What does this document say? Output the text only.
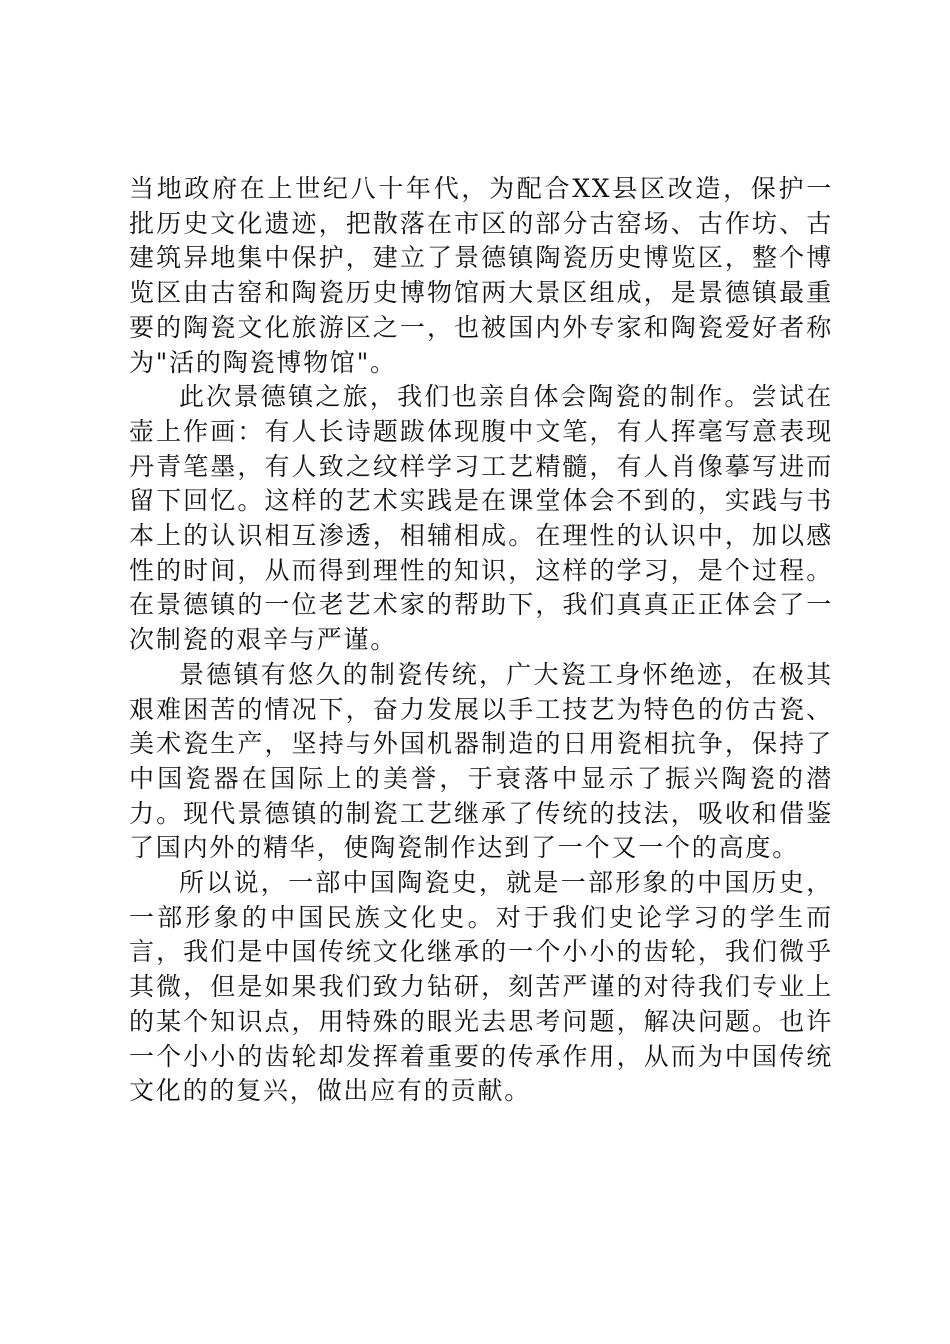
当地政府在上世纪八十年代，为配合XX县区改造，保护一批历史文化遗迹，把散落在市区的部分古窑场、古作坊、古建筑异地集中保护，建立了景德镇陶瓷历史博览区，整个博览区由古窑和陶瓷历史博物馆两大景区组成，是景德镇最重要的陶瓷文化旅游区之一，也被国内外专家和陶瓷爱好者称为"活的陶瓷博物馆"。

此次景德镇之旅，我们也亲自体会陶瓷的制作。尝试在壶上作画：有人长诗题跋体现腹中文笔，有人挥毫写意表现丹青笔墨，有人致之纹样学习工艺精髓，有人肖像摹写进而留下回忆。这样的艺术实践是在课堂体会不到的，实践与书本上的认识相互渗透，相辅相成。在理性的认识中，加以感性的时间，从而得到理性的知识，这样的学习，是个过程。在景德镇的一位老艺术家的帮助下，我们真真正正体会了一次制瓷的艰辛与严谨。

景德镇有悠久的制瓷传统，广大瓷工身怀绝迹，在极其艰难困苦的情况下，奋力发展以手工技艺为特色的仿古瓷、美术瓷生产，坚持与外国机器制造的日用瓷相抗争，保持了中国瓷器在国际上的美誉，于衰落中显示了振兴陶瓷的潜力。现代景德镇的制瓷工艺继承了传统的技法，吸收和借鉴了国内外的精华，使陶瓷制作达到了一个又一个的高度。

所以说，一部中国陶瓷史，就是一部形象的中国历史，一部形象的中国民族文化史。对于我们史论学习的学生而言，我们是中国传统文化继承的一个小小的齿轮，我们微乎其微，但是如果我们致力钻研，刻苦严谨的对待我们专业上的某个知识点，用特殊的眼光去思考问题，解决问题。也许一个小小的齿轮却发挥着重要的传承作用，从而为中国传统文化的的复兴，做出应有的贡献。
